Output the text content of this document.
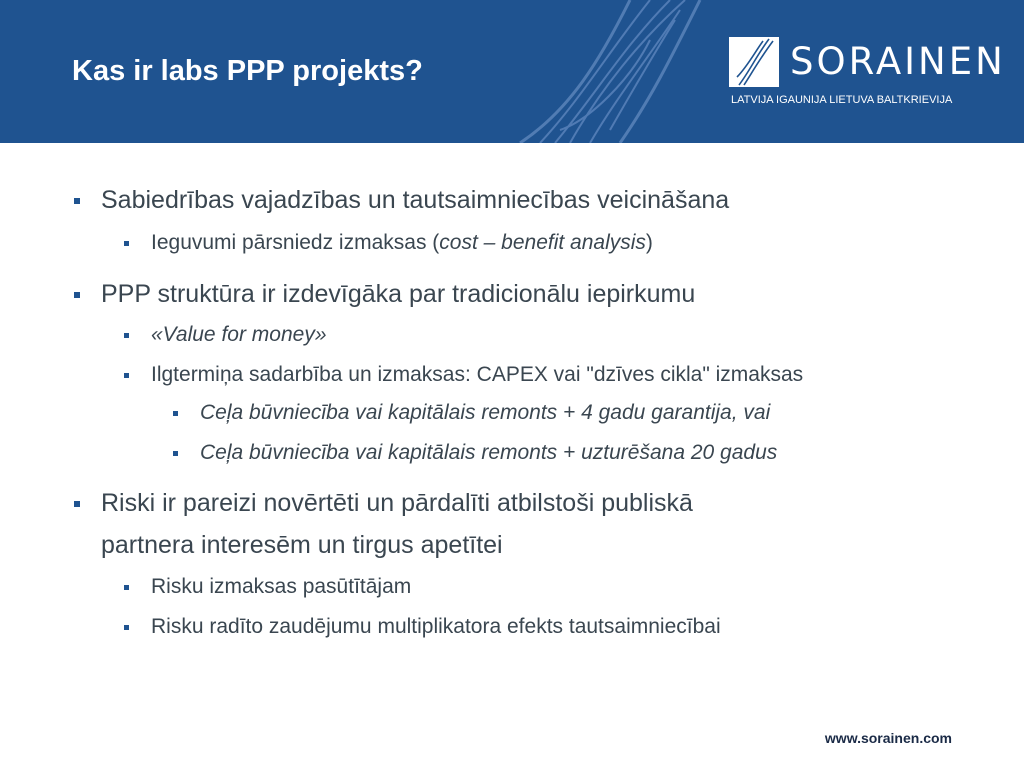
Kas ir labs PPP projekts?	SORAINEN
LATVIJA IGAUNIJA LIETUVA BALTKRIEVIJA
Sabiedrības vajadzības un tautsaimniecības veicināšana
Ieguvumi pārsniedz izmaksas (cost – benefit analysis)
PPP struktūra ir izdevīgāka par tradicionālu iepirkumu
«Value for money»
Ilgtermiņa sadarbība un izmaksas: CAPEX vai "dzīves cikla" izmaksas
Ceļa būvniecība vai kapitālais remonts + 4 gadu garantija, vai
Ceļa būvniecība vai kapitālais remonts + uzturēšana 20 gadus
Riski ir pareizi novērtēti un pārdalīti atbilstoši publiskā
partnera interesēm un tirgus apetītei
Risku izmaksas pasūtītājam
Risku radīto zaudējumu multiplikatora efekts tautsaimniecībai
www.sorainen.com
